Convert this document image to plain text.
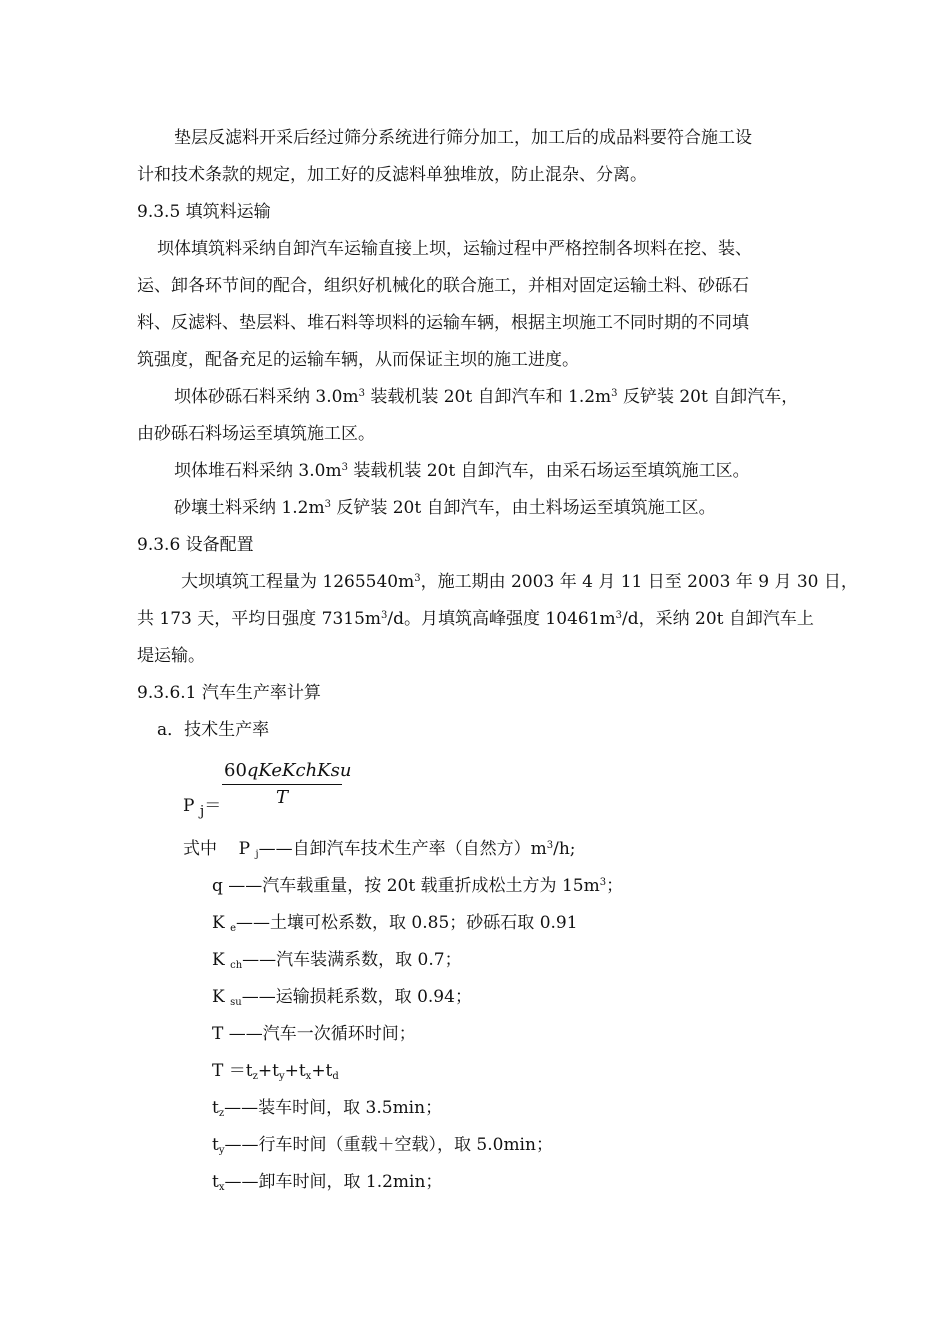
垫层反滤料开采后经过筛分系统进行筛分加工，加工后的成品料要符合施工设
计和技术条款的规定，加工好的反滤料单独堆放，防止混杂、分离。
9.3.5 填筑料运输
坝体填筑料采纳自卸汽车运输直接上坝，运输过程中严格控制各坝料在挖、装、
运、卸各环节间的配合，组织好机械化的联合施工，并相对固定运输土料、砂砾石
料、反滤料、垫层料、堆石料等坝料的运输车辆，根据主坝施工不同时期的不同填
筑强度，配备充足的运输车辆，从而保证主坝的施工进度。
坝体砂砾石料采纳 $3.0m^3$ 装载机装 20t 自卸汽车和 $1.2m^3$ 反铲装 20t 自卸汽车，
由砂砾石料场运至填筑施工区。
坝体堆石料采纳 $3.0m^3$ 装载机装 20t 自卸汽车，由采石场运至填筑施工区。
砂壤土料采纳 $1.2m^3$ 反铲装 20t 自卸汽车，由土料场运至填筑施工区。
9.3.6 设备配置
大坝填筑工程量为 $1265540m^3$，施工期由 2003 年 4 月 11 日至 2003 年 9 月 30 日，
共 173 天，平均日强度 $7315m^3/d$。月填筑高峰强度 $10461m^3/d$，采纳 20t 自卸汽车上
堤运输。
9.3.6.1 汽车生产率计算
a．技术生产率
60qKeKchKsu
T
P $_j$＝
式中 P $_j$——自卸汽车技术生产率（自然方）$m^3/h$;
q ——汽车载重量，按 20t 载重折成松土方为 $15m^3$；
K $_e$——土壤可松系数，取 0.85；砂砾石取 0.91
K $_{ch}$——汽车装满系数，取 0.7；
K $_{su}$——运输损耗系数，取 0.94；
T ——汽车一次循环时间；
$T =t_z+t_y+t_x+t_d$
$t_z——$装车时间，取 3.5min；
$t_y——$行车时间（重载＋空载），取 5.0min；
$t_x——$卸车时间，取 1.2min；
